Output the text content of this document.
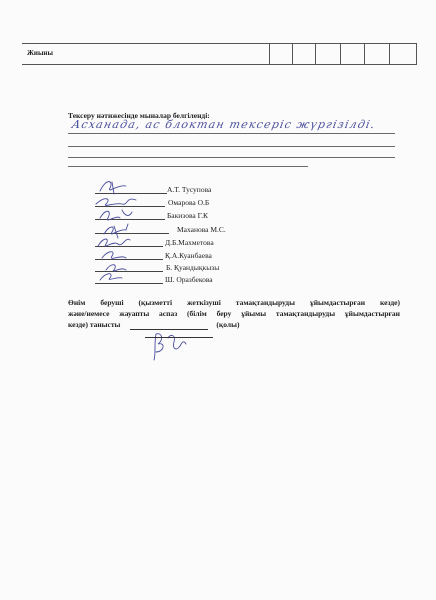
Жиыны
Тексеру нәтижесінде мыналар белгіленді:
Асханада, ас блоктан тексеріс жүргізілді.
А.Т. Тусупова
Омарова О.Б
Бакизова Г.К
Маханова М.С.
Д.Б.Махметова
Қ.А.Куанбаева
Б. Қуандықкызы
Ш. Оразбекова
Өнім беруші (қызметті жеткізуші тамақтандыруды ұйымдастырған кезде)
және/немесе жауапты аспаз (білім беру ұйымы тамақтандыруды ұйымдастырған
кезде) танысты	(қолы)
